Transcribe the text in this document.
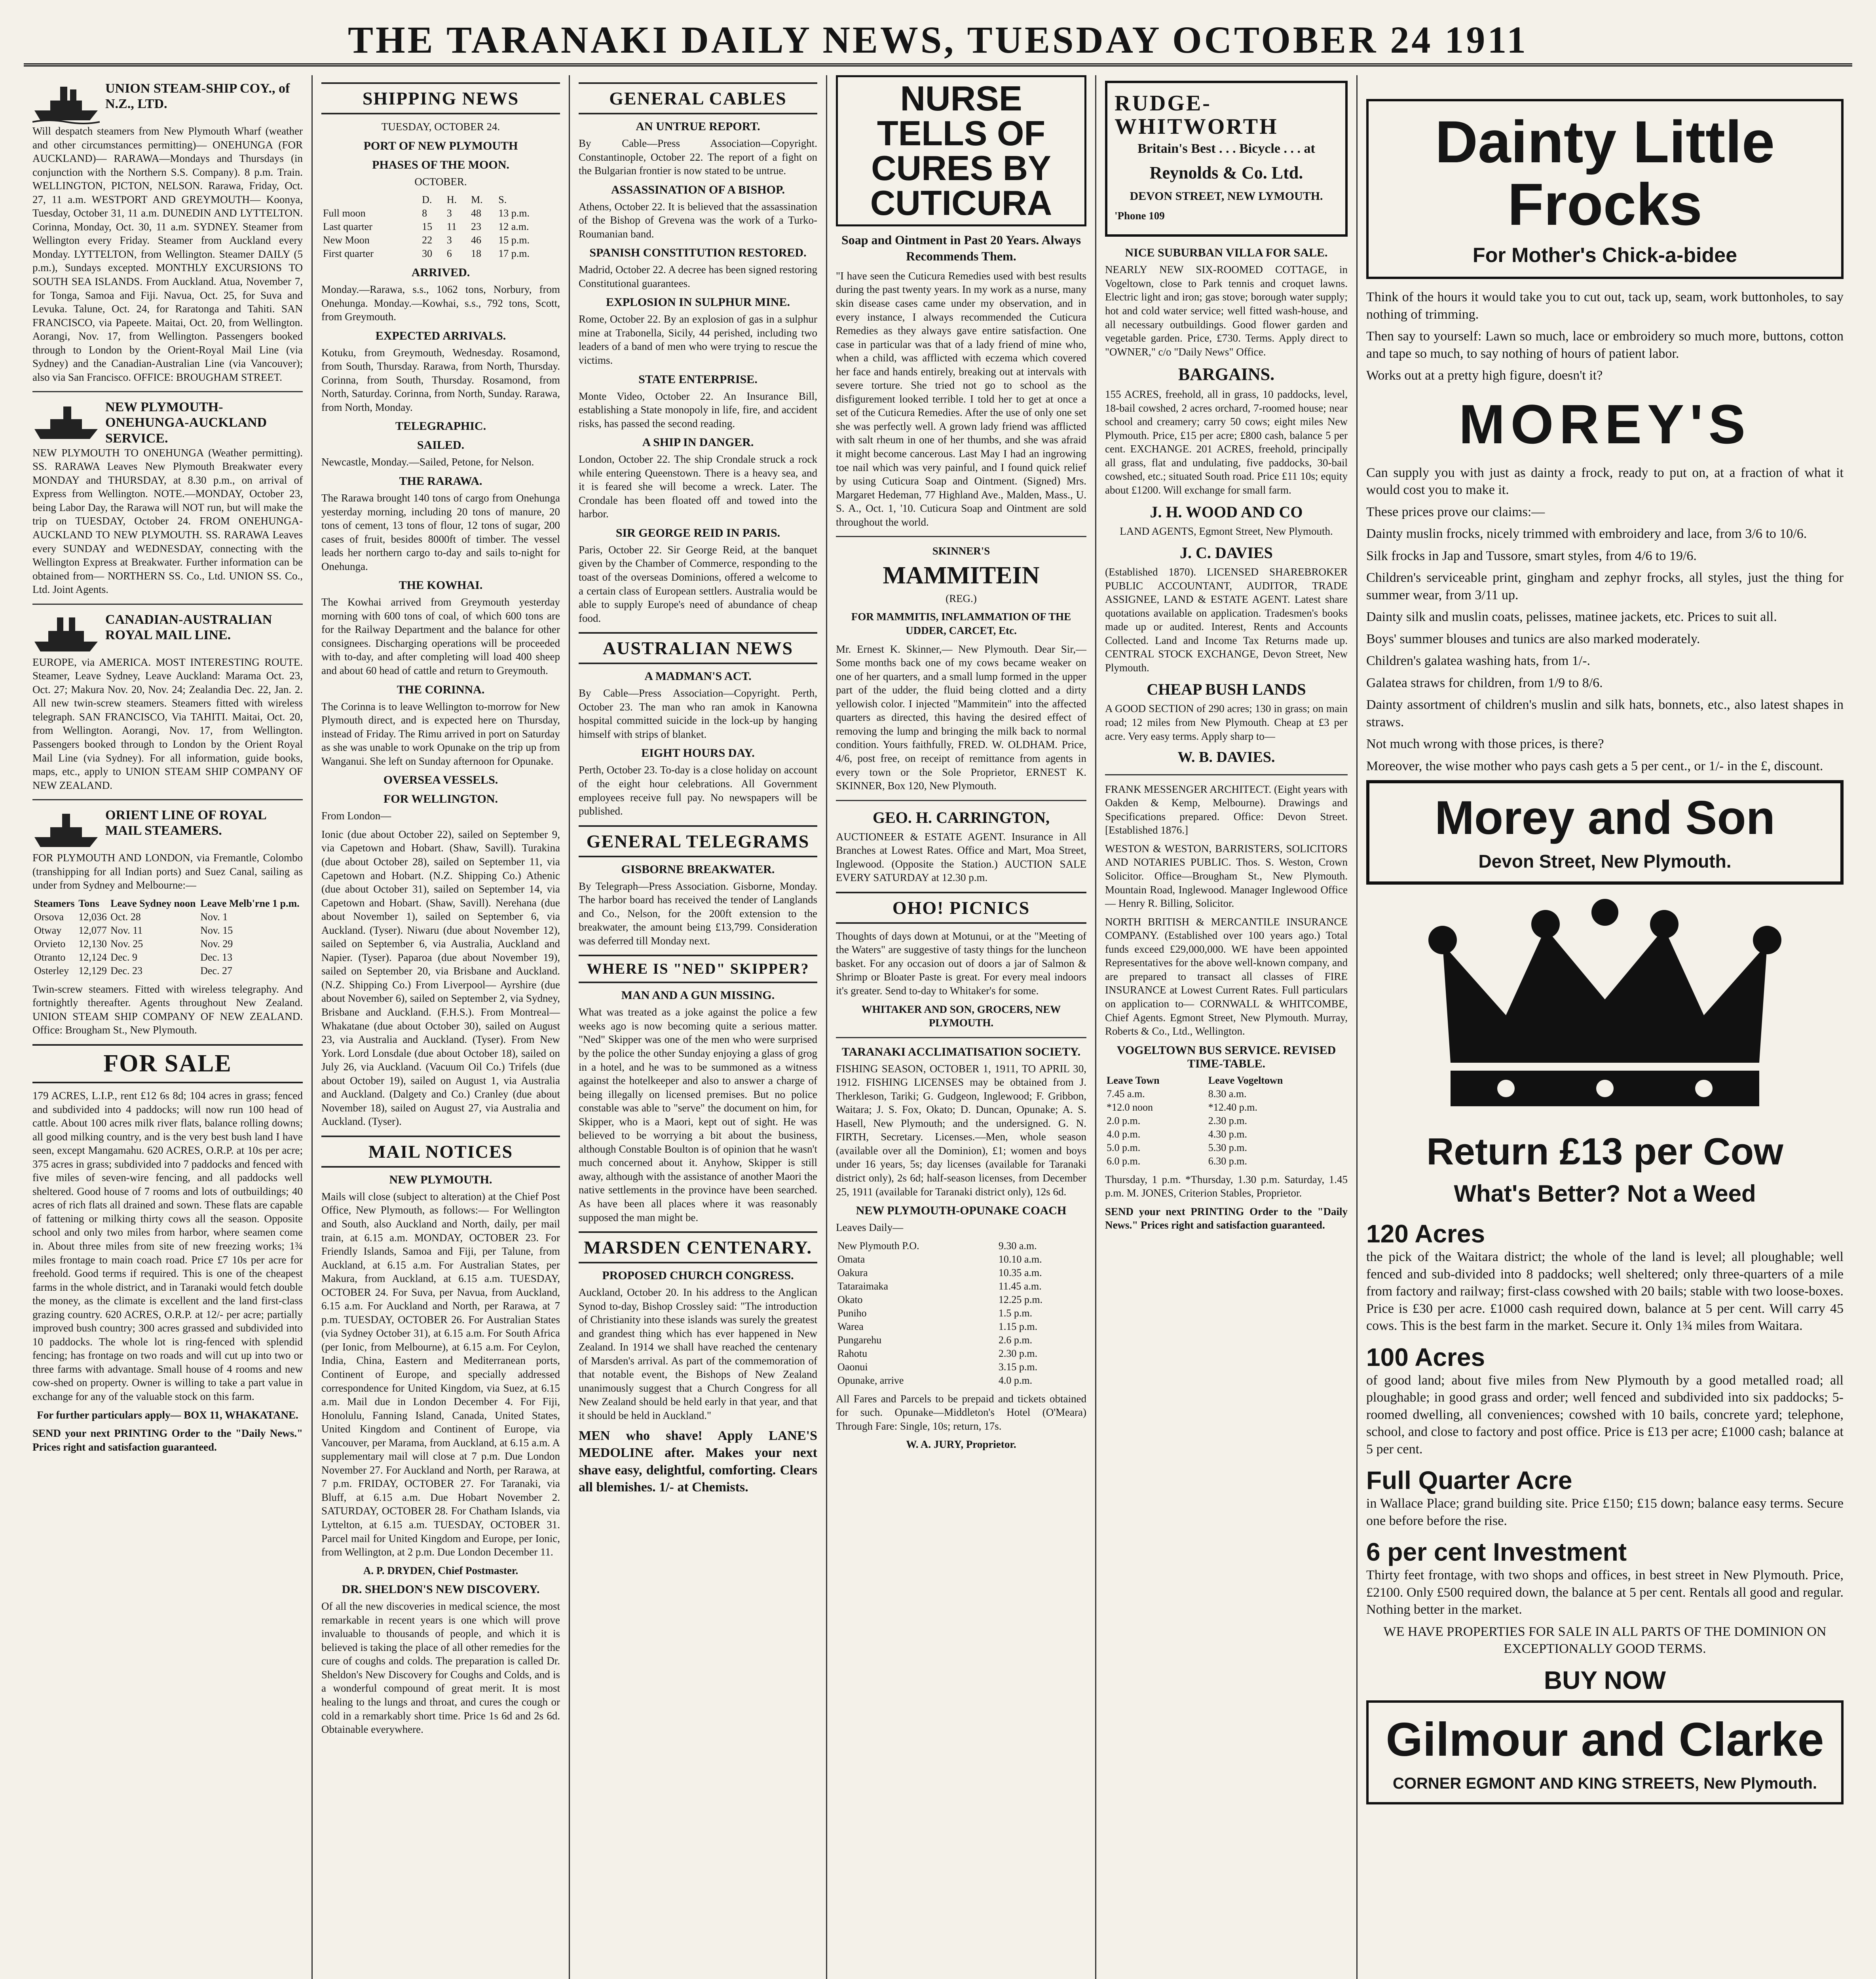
THE TARANAKI DAILY NEWS, TUESDAY OCTOBER 24 1911
UNION STEAM-SHIP COY., of N.Z., LTD.

Will despatch steamers from New Plymouth Wharf (weather and other circumstances permitting)— ONEHUNGA (FOR AUCKLAND)— RARAWA—Mondays and Thursdays (in conjunction with the Northern S.S. Company). 8 p.m. Train. WELLINGTON, PICTON, NELSON. Rarawa, Friday, Oct. 27, 11 a.m. WESTPORT AND GREYMOUTH— Koonya, Tuesday, October 31, 11 a.m. DUNEDIN AND LYTTELTON. Corinna, Monday, Oct. 30, 11 a.m. SYDNEY. Steamer from Wellington every Friday. Steamer from Auckland every Monday. LYTTELTON, from Wellington. Steamer DAILY (5 p.m.), Sundays excepted. MONTHLY EXCURSIONS TO SOUTH SEA ISLANDS. From Auckland. Atua, November 7, for Tonga, Samoa and Fiji. Navua, Oct. 25, for Suva and Levuka. Talune, Oct. 24, for Raratonga and Tahiti. SAN FRANCISCO, via Papeete. Maitai, Oct. 20, from Wellington. Aorangi, Nov. 17, from Wellington. Passengers booked through to London by the Orient-Royal Mail Line (via Sydney) and the Canadian-Australian Line (via Vancouver); also via San Francisco. OFFICE: BROUGHAM STREET.

NEW PLYMOUTH-ONEHUNGA-AUCKLAND SERVICE.

NEW PLYMOUTH TO ONEHUNGA (Weather permitting). SS. RARAWA Leaves New Plymouth Breakwater every MONDAY and THURSDAY, at 8.30 p.m., on arrival of Express from Wellington. NOTE.—MONDAY, October 23, being Labor Day, the Rarawa will NOT run, but will make the trip on TUESDAY, October 24. FROM ONEHUNGA-AUCKLAND TO NEW PLYMOUTH. SS. RARAWA Leaves every SUNDAY and WEDNESDAY, connecting with the Wellington Express at Breakwater. Further information can be obtained from— NORTHERN SS. Co., Ltd. UNION SS. Co., Ltd. Joint Agents.

CANADIAN-AUSTRALIAN ROYAL MAIL LINE.

EUROPE, via AMERICA. MOST INTERESTING ROUTE. Steamer, Leave Sydney, Leave Auckland: Marama Oct. 23, Oct. 27; Makura Nov. 20, Nov. 24; Zealandia Dec. 22, Jan. 2. All new twin-screw steamers. Steamers fitted with wireless telegraph. SAN FRANCISCO, Via TAHITI. Maitai, Oct. 20, from Wellington. Aorangi, Nov. 17, from Wellington. Passengers booked through to London by the Orient Royal Mail Line (via Sydney). For all information, guide books, maps, etc., apply to UNION STEAM SHIP COMPANY OF NEW ZEALAND.

ORIENT LINE OF ROYAL MAIL STEAMERS.

FOR PLYMOUTH AND LONDON, via Fremantle, Colombo (transhipping for all Indian ports) and Suez Canal, sailing as under from Sydney and Melbourne:—

Steamers	Tons	Leave Sydney noon	Leave Melb'rne 1 p.m.
Orsova	12,036	Oct. 28	Nov. 1
Otway	12,077	Nov. 11	Nov. 15
Orvieto	12,130	Nov. 25	Nov. 29
Otranto	12,124	Dec. 9	Dec. 13
Osterley	12,129	Dec. 23	Dec. 27

Twin-screw steamers. Fitted with wireless telegraphy. And fortnightly thereafter. Agents throughout New Zealand. UNION STEAM SHIP COMPANY OF NEW ZEALAND. Office: Brougham St., New Plymouth.

FOR SALE

179 ACRES, L.I.P., rent £12 6s 8d; 104 acres in grass; fenced and subdivided into 4 paddocks; will now run 100 head of cattle. About 100 acres milk river flats, balance rolling downs; all good milking country, and is the very best bush land I have seen, except Mangamahu. 620 ACRES, O.R.P. at 10s per acre; 375 acres in grass; subdivided into 7 paddocks and fenced with five miles of seven-wire fencing, and all paddocks well sheltered. Good house of 7 rooms and lots of outbuildings; 40 acres of rich flats all drained and sown. These flats are capable of fattening or milking thirty cows all the season. Opposite school and only two miles from harbor, where seamen come in. About three miles from site of new freezing works; 1¾ miles frontage to main coach road. Price £7 10s per acre for freehold. Good terms if required. This is one of the cheapest farms in the whole district, and in Taranaki would fetch double the money, as the climate is excellent and the land first-class grazing country. 620 ACRES, O.R.P. at 12/- per acre; partially improved bush country; 300 acres grassed and subdivided into 10 paddocks. The whole lot is ring-fenced with splendid fencing; has frontage on two roads and will cut up into two or three farms with advantage. Small house of 4 rooms and new cow-shed on property. Owner is willing to take a part value in exchange for any of the valuable stock on this farm.

For further particulars apply— BOX 11, WHAKATANE.

SEND your next PRINTING Order to the "Daily News." Prices right and satisfaction guaranteed.

SHIPPING NEWS

TUESDAY, OCTOBER 24.

PORT OF NEW PLYMOUTH
PHASES OF THE MOON.

OCTOBER.

	D.	H.	M.	S.
Full moon	8	3	48	13 p.m.
Last quarter	15	11	23	12 a.m.
New Moon	22	3	46	15 p.m.
First quarter	30	6	18	17 p.m.
ARRIVED.

Monday.—Rarawa, s.s., 1062 tons, Norbury, from Onehunga. Monday.—Kowhai, s.s., 792 tons, Scott, from Greymouth.

EXPECTED ARRIVALS.

Kotuku, from Greymouth, Wednesday. Rosamond, from South, Thursday. Rarawa, from North, Thursday. Corinna, from South, Thursday. Rosamond, from North, Saturday. Corinna, from North, Sunday. Rarawa, from North, Monday.

TELEGRAPHIC.
SAILED.

Newcastle, Monday.—Sailed, Petone, for Nelson.

THE RARAWA.

The Rarawa brought 140 tons of cargo from Onehunga yesterday morning, including 20 tons of manure, 20 tons of cement, 13 tons of flour, 12 tons of sugar, 200 cases of fruit, besides 8000ft of timber. The vessel leads her northern cargo to-day and sails to-night for Onehunga.

THE KOWHAI.

The Kowhai arrived from Greymouth yesterday morning with 600 tons of coal, of which 600 tons are for the Railway Department and the balance for other consignees. Discharging operations will be proceeded with to-day, and after completing will load 400 sheep and about 60 head of cattle and return to Greymouth.

THE CORINNA.

The Corinna is to leave Wellington to-morrow for New Plymouth direct, and is expected here on Thursday, instead of Friday. The Rimu arrived in port on Saturday as she was unable to work Opunake on the trip up from Wanganui. She left on Sunday afternoon for Opunake.

OVERSEA VESSELS.
FOR WELLINGTON.

From London—

Ionic (due about October 22), sailed on September 9, via Capetown and Hobart. (Shaw, Savill). Turakina (due about October 28), sailed on September 11, via Capetown and Hobart. (N.Z. Shipping Co.) Athenic (due about October 31), sailed on September 14, via Capetown and Hobart. (Shaw, Savill). Nerehana (due about November 1), sailed on September 6, via Auckland. (Tyser). Niwaru (due about November 12), sailed on September 6, via Australia, Auckland and Napier. (Tyser). Paparoa (due about November 19), sailed on September 20, via Brisbane and Auckland. (N.Z. Shipping Co.) From Liverpool— Ayrshire (due about November 6), sailed on September 2, via Sydney, Brisbane and Auckland. (F.H.S.). From Montreal— Whakatane (due about October 30), sailed on August 23, via Australia and Auckland. (Tyser). From New York. Lord Lonsdale (due about October 18), sailed on July 26, via Auckland. (Vacuum Oil Co.) Trifels (due about October 19), sailed on August 1, via Australia and Auckland. (Dalgety and Co.) Cranley (due about November 18), sailed on August 27, via Australia and Auckland. (Tyser).

MAIL NOTICES
NEW PLYMOUTH.

Mails will close (subject to alteration) at the Chief Post Office, New Plymouth, as follows:— For Wellington and South, also Auckland and North, daily, per mail train, at 6.15 a.m. MONDAY, OCTOBER 23. For Friendly Islands, Samoa and Fiji, per Talune, from Auckland, at 6.15 a.m. For Australian States, per Makura, from Auckland, at 6.15 a.m. TUESDAY, OCTOBER 24. For Suva, per Navua, from Auckland, 6.15 a.m. For Auckland and North, per Rarawa, at 7 p.m. TUESDAY, OCTOBER 26. For Australian States (via Sydney October 31), at 6.15 a.m. For South Africa (per Ionic, from Melbourne), at 6.15 a.m. For Ceylon, India, China, Eastern and Mediterranean ports, Continent of Europe, and specially addressed correspondence for United Kingdom, via Suez, at 6.15 a.m. Mail due in London December 4. For Fiji, Honolulu, Fanning Island, Canada, United States, United Kingdom and Continent of Europe, via Vancouver, per Marama, from Auckland, at 6.15 a.m. A supplementary mail will close at 7 p.m. Due London November 27. For Auckland and North, per Rarawa, at 7 p.m. FRIDAY, OCTOBER 27. For Taranaki, via Bluff, at 6.15 a.m. Due Hobart November 2. SATURDAY, OCTOBER 28. For Chatham Islands, via Lyttelton, at 6.15 a.m. TUESDAY, OCTOBER 31. Parcel mail for United Kingdom and Europe, per Ionic, from Wellington, at 2 p.m. Due London December 11.

A. P. DRYDEN, Chief Postmaster.

DR. SHELDON'S NEW DISCOVERY.

Of all the new discoveries in medical science, the most remarkable in recent years is one which will prove invaluable to thousands of people, and which it is believed is taking the place of all other remedies for the cure of coughs and colds. The preparation is called Dr. Sheldon's New Discovery for Coughs and Colds, and is a wonderful compound of great merit. It is most healing to the lungs and throat, and cures the cough or cold in a remarkably short time. Price 1s 6d and 2s 6d. Obtainable everywhere.

GENERAL CABLES
AN UNTRUE REPORT.

By Cable—Press Association—Copyright. Constantinople, October 22. The report of a fight on the Bulgarian frontier is now stated to be untrue.

ASSASSINATION OF A BISHOP.

Athens, October 22. It is believed that the assassination of the Bishop of Grevena was the work of a Turko-Roumanian band.

SPANISH CONSTITUTION RESTORED.

Madrid, October 22. A decree has been signed restoring Constitutional guarantees.

EXPLOSION IN SULPHUR MINE.

Rome, October 22. By an explosion of gas in a sulphur mine at Trabonella, Sicily, 44 perished, including two leaders of a band of men who were trying to rescue the victims.

STATE ENTERPRISE.

Monte Video, October 22. An Insurance Bill, establishing a State monopoly in life, fire, and accident risks, has passed the second reading.

A SHIP IN DANGER.

London, October 22. The ship Crondale struck a rock while entering Queenstown. There is a heavy sea, and it is feared she will become a wreck. Later. The Crondale has been floated off and towed into the harbor.

SIR GEORGE REID IN PARIS.

Paris, October 22. Sir George Reid, at the banquet given by the Chamber of Commerce, responding to the toast of the overseas Dominions, offered a welcome to a certain class of European settlers. Australia would be able to supply Europe's need of abundance of cheap food.

AUSTRALIAN NEWS
A MADMAN'S ACT.

By Cable—Press Association—Copyright. Perth, October 23. The man who ran amok in Kanowna hospital committed suicide in the lock-up by hanging himself with strips of blanket.

EIGHT HOURS DAY.

Perth, October 23. To-day is a close holiday on account of the eight hour celebrations. All Government employees receive full pay. No newspapers will be published.

GENERAL TELEGRAMS
GISBORNE BREAKWATER.

By Telegraph—Press Association. Gisborne, Monday. The harbor board has received the tender of Langlands and Co., Nelson, for the 200ft extension to the breakwater, the amount being £13,799. Consideration was deferred till Monday next.

WHERE IS "NED" SKIPPER?
MAN AND A GUN MISSING.

What was treated as a joke against the police a few weeks ago is now becoming quite a serious matter. "Ned" Skipper was one of the men who were surprised by the police the other Sunday enjoying a glass of grog in a hotel, and he was to be summoned as a witness against the hotelkeeper and also to answer a charge of being illegally on licensed premises. But no police constable was able to "serve" the document on him, for Skipper, who is a Maori, kept out of sight. He was believed to be worrying a bit about the business, although Constable Boulton is of opinion that he wasn't much concerned about it. Anyhow, Skipper is still away, although with the assistance of another Maori the native settlements in the province have been searched. As have been all places where it was reasonably supposed the man might be.

MARSDEN CENTENARY.
PROPOSED CHURCH CONGRESS.

Auckland, October 20. In his address to the Anglican Synod to-day, Bishop Crossley said: "The introduction of Christianity into these islands was surely the greatest and grandest thing which has ever happened in New Zealand. In 1914 we shall have reached the centenary of Marsden's arrival. As part of the commemoration of that notable event, the Bishops of New Zealand unanimously suggest that a Church Congress for all New Zealand should be held early in that year, and that it should be held in Auckland."

MEN who shave! Apply LANE'S MEDOLINE after. Makes your next shave easy, delightful, comforting. Clears all blemishes. 1/- at Chemists.

NURSE TELLS OF CURES BY CUTICURA

Soap and Ointment in Past 20 Years. Always Recommends Them.

"I have seen the Cuticura Remedies used with best results during the past twenty years. In my work as a nurse, many skin disease cases came under my observation, and in every instance, I always recommended the Cuticura Remedies as they always gave entire satisfaction. One case in particular was that of a lady friend of mine who, when a child, was afflicted with eczema which covered her face and hands entirely, breaking out at intervals with severe torture. She tried not go to school as the disfigurement looked terrible. I told her to get at once a set of the Cuticura Remedies. After the use of only one set she was perfectly well. A grown lady friend was afflicted with salt rheum in one of her thumbs, and she was afraid it might become cancerous. Last May I had an ingrowing toe nail which was very painful, and I found quick relief by using Cuticura Soap and Ointment. (Signed) Mrs. Margaret Hedeman, 77 Highland Ave., Malden, Mass., U. S. A., Oct. 1, '10. Cuticura Soap and Ointment are sold throughout the world.

SKINNER'S

MAMMITEIN

(REG.)

FOR MAMMITIS, INFLAMMATION OF THE UDDER, CARCET, Etc.

Mr. Ernest K. Skinner,— New Plymouth. Dear Sir,—Some months back one of my cows became weaker on one of her quarters, and a small lump formed in the upper part of the udder, the fluid being clotted and a dirty yellowish color. I injected "Mammitein" into the affected quarters as directed, this having the desired effect of removing the lump and bringing the milk back to normal condition. Yours faithfully, FRED. W. OLDHAM. Price, 4/6, post free, on receipt of remittance from agents in every town or the Sole Proprietor, ERNEST K. SKINNER, Box 120, New Plymouth.

GEO. H. CARRINGTON,

AUCTIONEER & ESTATE AGENT. Insurance in All Branches at Lowest Rates. Office and Mart, Moa Street, Inglewood. (Opposite the Station.) AUCTION SALE EVERY SATURDAY at 12.30 p.m.

OHO! PICNICS

Thoughts of days down at Motunui, or at the "Meeting of the Waters" are suggestive of tasty things for the luncheon basket. For any occasion out of doors a jar of Salmon & Shrimp or Bloater Paste is great. For every meal indoors it's greater. Send to-day to Whitaker's for some.

WHITAKER AND SON, GROCERS, NEW PLYMOUTH.

TARANAKI ACCLIMATISATION SOCIETY.

FISHING SEASON, OCTOBER 1, 1911, TO APRIL 30, 1912. FISHING LICENSES may be obtained from J. Therkleson, Tariki; G. Gudgeon, Inglewood; F. Gribbon, Waitara; J. S. Fox, Okato; D. Duncan, Opunake; A. S. Hasell, New Plymouth; and the undersigned. G. N. FIRTH, Secretary. Licenses.—Men, whole season (available over all the Dominion), £1; women and boys under 16 years, 5s; day licenses (available for Taranaki district only), 2s 6d; half-season licenses, from December 25, 1911 (available for Taranaki district only), 12s 6d.

NEW PLYMOUTH-OPUNAKE COACH

Leaves Daily—

New Plymouth P.O.	9.30 a.m.
Omata	10.10 a.m.
Oakura	10.35 a.m.
Tataraimaka	11.45 a.m.
Okato	12.25 p.m.
Puniho	1.5 p.m.
Warea	1.15 p.m.
Pungarehu	2.6 p.m.
Rahotu	2.30 p.m.
Oaonui	3.15 p.m.
Opunake, arrive	4.0 p.m.

All Fares and Parcels to be prepaid and tickets obtained for such. Opunake—Middleton's Hotel (O'Meara) Through Fare: Single, 10s; return, 17s.

W. A. JURY, Proprietor.

RUDGE-WHITWORTH

Britain's Best . . . Bicycle . . . at

Reynolds & Co. Ltd.

DEVON STREET, NEW LYMOUTH.

'Phone 109

NICE SUBURBAN VILLA FOR SALE.

NEARLY NEW SIX-ROOMED COTTAGE, in Vogeltown, close to Park tennis and croquet lawns. Electric light and iron; gas stove; borough water supply; hot and cold water service; well fitted wash-house, and all necessary outbuildings. Good flower garden and vegetable garden. Price, £730. Terms. Apply direct to "OWNER," c/o "Daily News" Office.

BARGAINS.

155 ACRES, freehold, all in grass, 10 paddocks, level, 18-bail cowshed, 2 acres orchard, 7-roomed house; near school and creamery; carry 50 cows; eight miles New Plymouth. Price, £15 per acre; £800 cash, balance 5 per cent. EXCHANGE. 201 ACRES, freehold, principally all grass, flat and undulating, five paddocks, 30-bail cowshed, etc.; situated South road. Price £11 10s; equity about £1200. Will exchange for small farm.

J. H. WOOD AND CO

LAND AGENTS, Egmont Street, New Plymouth.

J. C. DAVIES

(Established 1870). LICENSED SHAREBROKER PUBLIC ACCOUNTANT, AUDITOR, TRADE ASSIGNEE, LAND & ESTATE AGENT. Latest share quotations available on application. Tradesmen's books made up or audited. Interest, Rents and Accounts Collected. Land and Income Tax Returns made up. CENTRAL STOCK EXCHANGE, Devon Street, New Plymouth.

CHEAP BUSH LANDS

A GOOD SECTION of 290 acres; 130 in grass; on main road; 12 miles from New Plymouth. Cheap at £3 per acre. Very easy terms. Apply sharp to—

W. B. DAVIES.

FRANK MESSENGER ARCHITECT. (Eight years with Oakden & Kemp, Melbourne). Drawings and Specifications prepared. Office: Devon Street. [Established 1876.]

WESTON & WESTON, BARRISTERS, SOLICITORS AND NOTARIES PUBLIC. Thos. S. Weston, Crown Solicitor. Office—Brougham St., New Plymouth. Mountain Road, Inglewood. Manager Inglewood Office — Henry R. Billing, Solicitor.

NORTH BRITISH & MERCANTILE INSURANCE COMPANY. (Established over 100 years ago.) Total funds exceed £29,000,000. WE have been appointed Representatives for the above well-known company, and are prepared to transact all classes of FIRE INSURANCE at Lowest Current Rates. Full particulars on application to— CORNWALL & WHITCOMBE, Chief Agents. Egmont Street, New Plymouth. Murray, Roberts & Co., Ltd., Wellington.

VOGELTOWN BUS SERVICE. REVISED TIME-TABLE.
Leave Town	Leave Vogeltown
7.45 a.m.	8.30 a.m.
*12.0 noon	*12.40 p.m.
2.0 p.m.	2.30 p.m.
4.0 p.m.	4.30 p.m.
5.0 p.m.	5.30 p.m.
6.0 p.m.	6.30 p.m.

Thursday, 1 p.m. *Thursday, 1.30 p.m. Saturday, 1.45 p.m. M. JONES, Criterion Stables, Proprietor.

SEND your next PRINTING Order to the "Daily News." Prices right and satisfaction guaranteed.

Dainty Little Frocks
For Mother's Chick-a-bidee

Think of the hours it would take you to cut out, tack up, seam, work buttonholes, to say nothing of trimming.

Then say to yourself: Lawn so much, lace or embroidery so much more, buttons, cotton and tape so much, to say nothing of hours of patient labor.

Works out at a pretty high figure, doesn't it?

MOREY'S

Can supply you with just as dainty a frock, ready to put on, at a fraction of what it would cost you to make it.

These prices prove our claims:—

Dainty muslin frocks, nicely trimmed with embroidery and lace, from 3/6 to 10/6.

Silk frocks in Jap and Tussore, smart styles, from 4/6 to 19/6.

Children's serviceable print, gingham and zephyr frocks, all styles, just the thing for summer wear, from 3/11 up.

Dainty silk and muslin coats, pelisses, matinee jackets, etc. Prices to suit all.

Boys' summer blouses and tunics are also marked moderately.

Children's galatea washing hats, from 1/-.

Galatea straws for children, from 1/9 to 8/6.

Dainty assortment of children's muslin and silk hats, bonnets, etc., also latest shapes in straws.

Not much wrong with those prices, is there?

Moreover, the wise mother who pays cash gets a 5 per cent., or 1/- in the £, discount.

Morey and Son
Devon Street, New Plymouth.
Return £13 per Cow
What's Better? Not a Weed
120 Acres

the pick of the Waitara district; the whole of the land is level; all ploughable; well fenced and sub-divided into 8 paddocks; well sheltered; only three-quarters of a mile from factory and railway; first-class cowshed with 20 bails; stable with two loose-boxes. Price is £30 per acre. £1000 cash required down, balance at 5 per cent. Will carry 45 cows. This is the best farm in the market. Secure it. Only 1¾ miles from Waitara.

100 Acres

of good land; about five miles from New Plymouth by a good metalled road; all ploughable; in good grass and order; well fenced and subdivided into six paddocks; 5-roomed dwelling, all conveniences; cowshed with 10 bails, concrete yard; telephone, school, and close to factory and post office. Price is £13 per acre; £1000 cash; balance at 5 per cent.

Full Quarter Acre

in Wallace Place; grand building site. Price £150; £15 down; balance easy terms. Secure one before before the rise.

6 per cent Investment

Thirty feet frontage, with two shops and offices, in best street in New Plymouth. Price, £2100. Only £500 required down, the balance at 5 per cent. Rentals all good and regular. Nothing better in the market.

WE HAVE PROPERTIES FOR SALE IN ALL PARTS OF THE DOMINION ON EXCEPTIONALLY GOOD TERMS.

BUY NOW
Gilmour and Clarke
CORNER EGMONT AND KING STREETS, New Plymouth.
